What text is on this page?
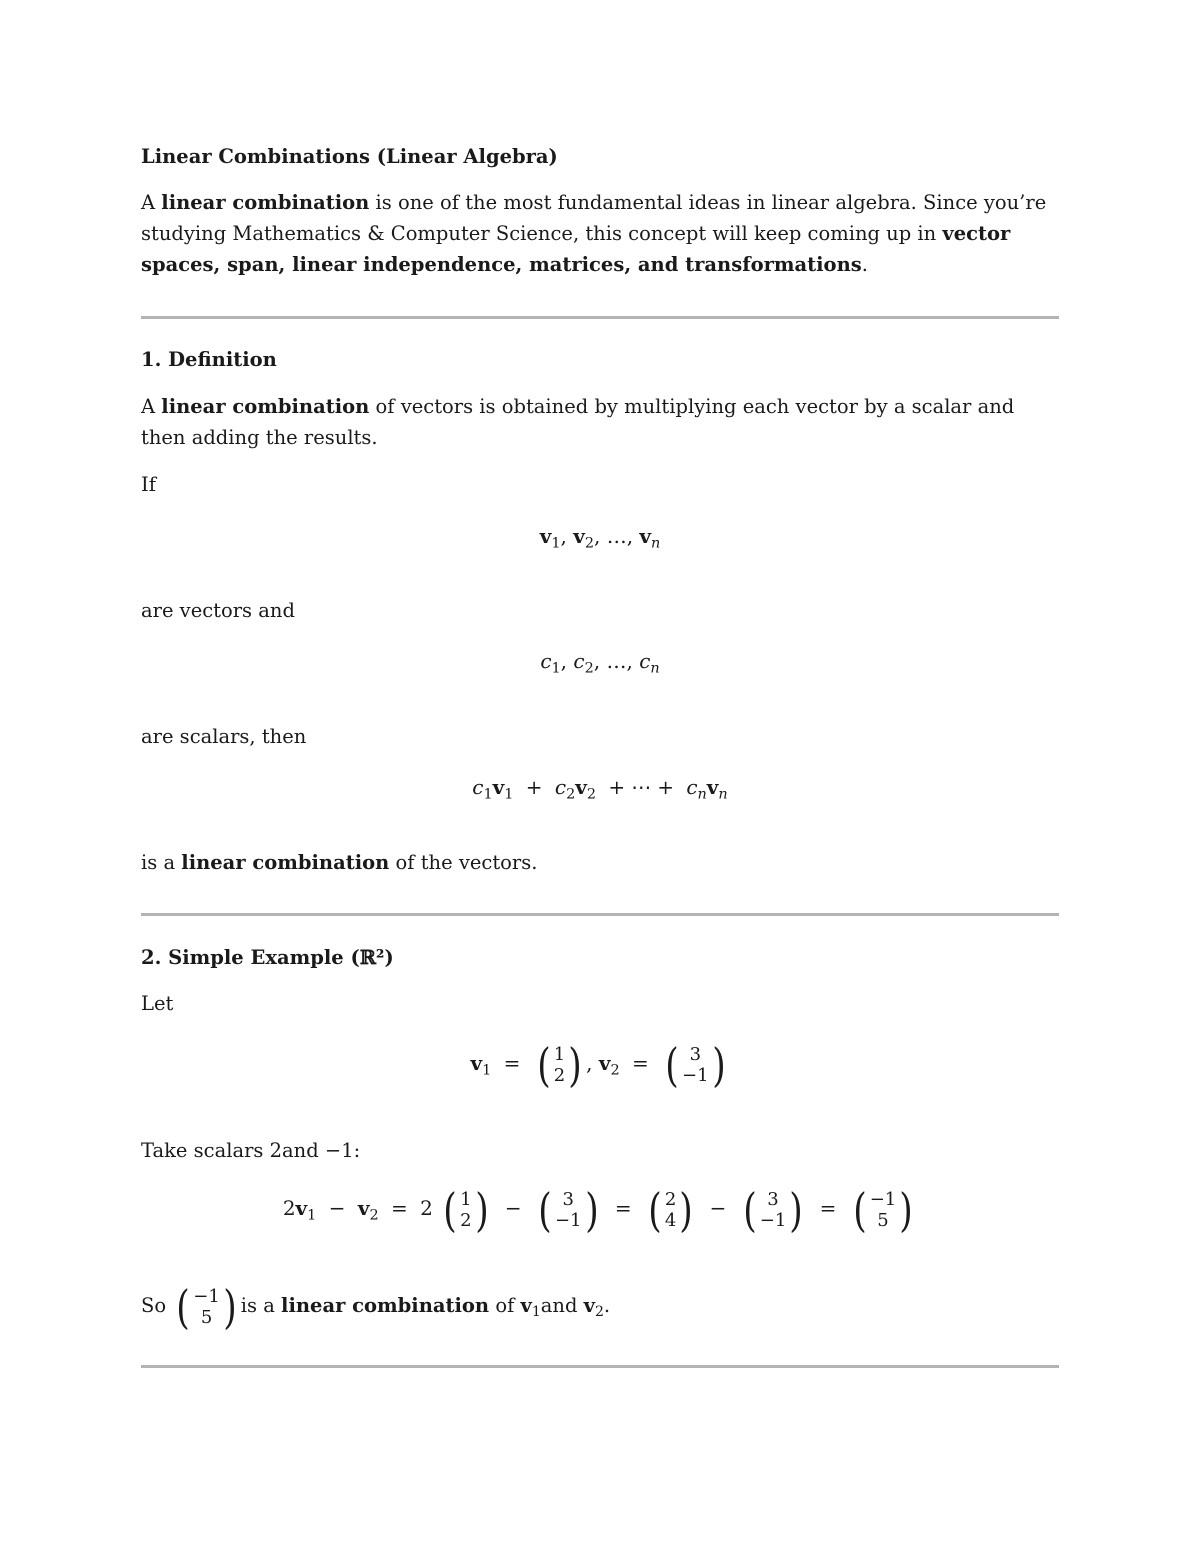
Linear Combinations (Linear Algebra)
A linear combination is one of the most fundamental ideas in linear algebra. Since you’re studying Mathematics & Computer Science, this concept will keep coming up in vector spaces, span, linear independence, matrices, and transformations.
1. Definition
A linear combination of vectors is obtained by multiplying each vector by a scalar and then adding the results.
If
$v_1$, $v_2$, …, $v_n$
are vectors and
$c_1$, $c_2$, …, $c_n$
are scalars, then
$c_1v_1 + c_2v_2$ + ⋯ + $c_nv_n$
is a linear combination of the vectors.
2. Simple Example (ℝ²)
Let
$v_1$ = ( 1
2 ) , $v_2$ = ( 3
−1 )
Take scalars 2and −1:
$2v_1 - v_2 = 2$ ( 1
2 ) − ( 3
−1 ) = ( 2
4 ) − ( 3
−1 ) = ( −1
5 )
So ( −1
5 ) is a linear combination of $v_1and$ $v_2$.
